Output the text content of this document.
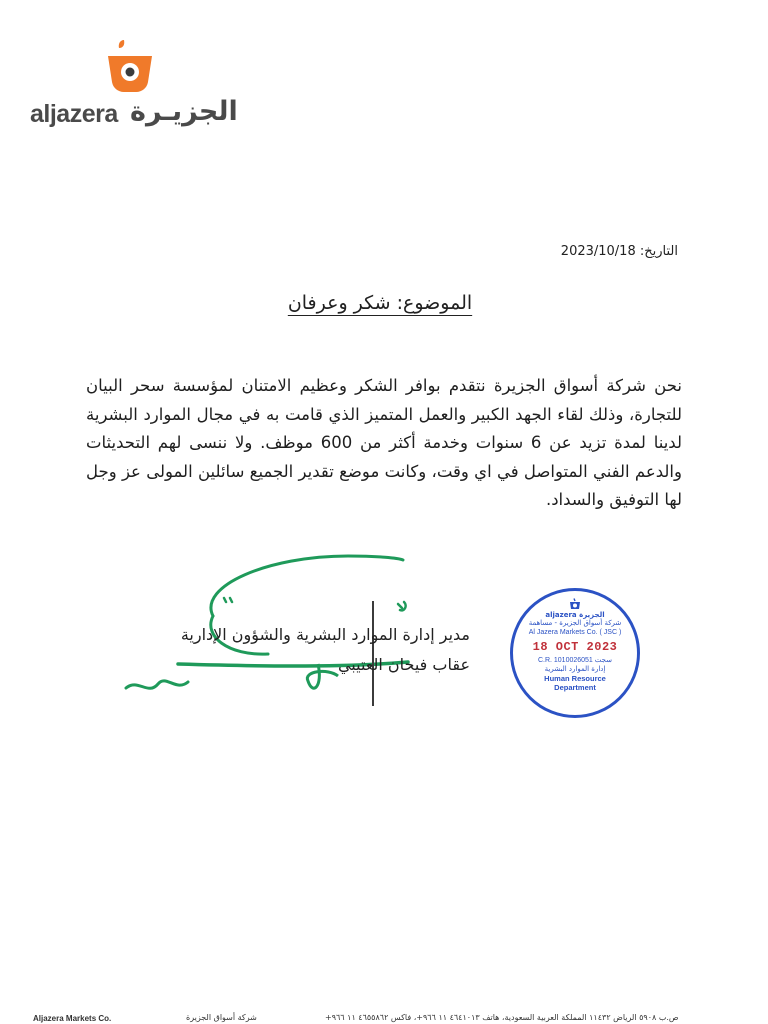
aljazera الجزيـرة
التاريخ: 2023/10/18
الموضوع: شكر وعرفان
نحن شركة أسواق الجزيرة نتقدم بوافر الشكر وعظيم الامتنان لمؤسسة سحر البيان للتجارة، وذلك لقاء الجهد الكبير والعمل المتميز الذي قامت به في مجال الموارد البشرية لدينا لمدة تزيد عن 6 سنوات وخدمة أكثر من 600 موظف. ولا ننسى لهم التحديثات والدعم الفني المتواصل في اي وقت، وكانت موضع تقدير الجميع سائلين المولى عز وجل لها التوفيق والسداد.
مدير إدارة الموارد البشرية والشؤون الإدارية
عقاب فيحان العتيبي
aljazera الجزيرة
شركة أسواق الجزيرة - مساهمة
Al Jazera Markets Co. ( JSC )
18 OCT 2023
C.R. 1010026051 سجت
إدارة الموارد البشرية
Human Resource
Department
Aljazera Markets Co.	شركة أسواق الجزيرة	ص.ب ٥٩٠٨ الرياض ١١٤٣٢ المملكة العربية السعودية، هاتف ٤٦٤١٠١٣ ١١ ٩٦٦+، فاكس ٤٦٥٥٨٦٢ ١١ ٩٦٦+
